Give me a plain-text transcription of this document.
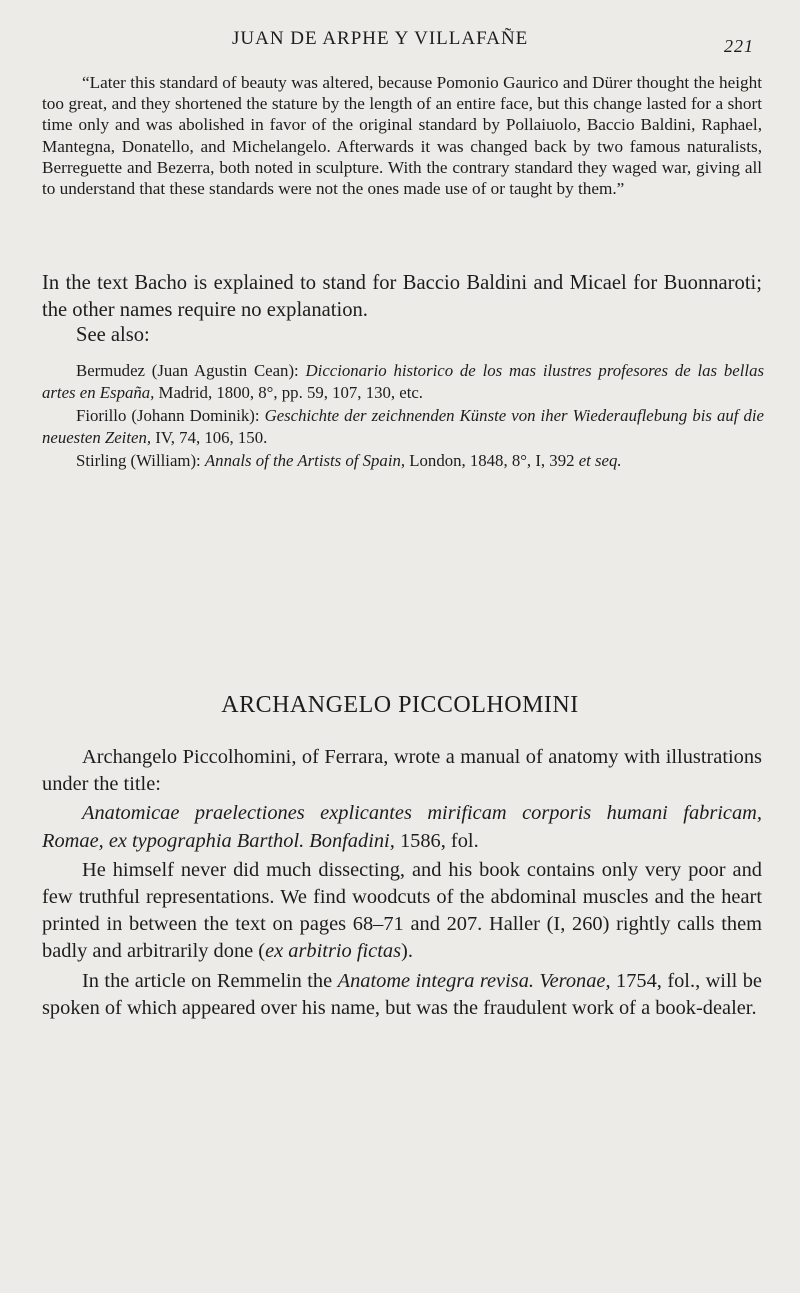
JUAN DE ARPHE Y VILLAFAÑE	221

“Later this standard of beauty was altered, because Pomonio Gaurico and Dürer thought the height too great, and they shortened the stature by the length of an entire face, but this change lasted for a short time only and was abolished in favor of the original standard by Pollaiuolo, Baccio Baldini, Raphael, Mantegna, Donatello, and Michelangelo. Afterwards it was changed back by two famous naturalists, Berreguette and Bezerra, both noted in sculpture. With the contrary standard they waged war, giving all to understand that these standards were not the ones made use of or taught by them.”

In the text Bacho is explained to stand for Baccio Baldini and Micael for Buonnaroti; the other names require no explanation.

See also:

Bermudez (Juan Agustin Cean): Diccionario historico de los mas ilustres profesores de las bellas artes en España, Madrid, 1800, 8°, pp. 59, 107, 130, etc.

Fiorillo (Johann Dominik): Geschichte der zeichnenden Künste von iher Wiederauflebung bis auf die neuesten Zeiten, IV, 74, 106, 150.

Stirling (William): Annals of the Artists of Spain, London, 1848, 8°, I, 392 et seq.

ARCHANGELO PICCOLHOMINI

Archangelo Piccolhomini, of Ferrara, wrote a manual of anatomy with illustrations under the title:

Anatomicae praelectiones explicantes mirificam corporis humani fabricam, Romae, ex typographia Barthol. Bonfadini, 1586, fol.

He himself never did much dissecting, and his book contains only very poor and few truthful representations. We find woodcuts of the abdominal muscles and the heart printed in between the text on pages 68–71 and 207. Haller (I, 260) rightly calls them badly and arbitrarily done (ex arbitrio fictas).

In the article on Remmelin the Anatome integra revisa. Veronae, 1754, fol., will be spoken of which appeared over his name, but was the fraudulent work of a book-dealer.
